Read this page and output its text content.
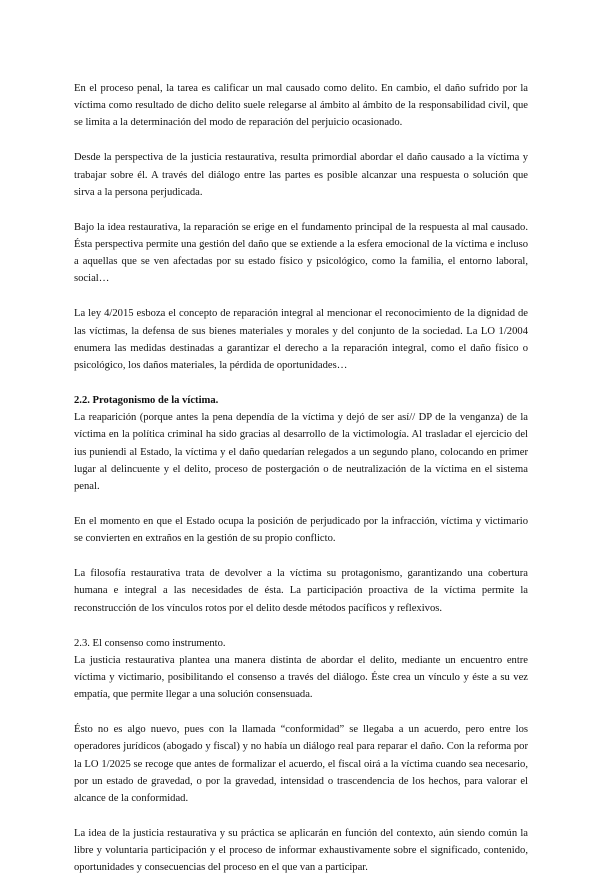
En el proceso penal, la tarea es calificar un mal causado como delito. En cambio, el daño sufrido por la víctima como resultado de dicho delito suele relegarse al ámbito al ámbito de la responsabilidad civil, que se limita a la determinación del modo de reparación del perjuicio ocasionado.

Desde la perspectiva de la justicia restaurativa, resulta primordial abordar el daño causado a la víctima y trabajar sobre él. A través del diálogo entre las partes es posible alcanzar una respuesta o solución que sirva a la persona perjudicada.

Bajo la idea restaurativa, la reparación se erige en el fundamento principal de la respuesta al mal causado. Ésta perspectiva permite una gestión del daño que se extiende a la esfera emocional de la víctima e incluso a aquellas que se ven afectadas por su estado físico y psicológico, como la familia, el entorno laboral, social…

La ley 4/2015 esboza el concepto de reparación integral al mencionar el reconocimiento de la dignidad de las víctimas, la defensa de sus bienes materiales y morales y del conjunto de la sociedad. La LO 1/2004 enumera las medidas destinadas a garantizar el derecho a la reparación integral, como el daño físico o psicológico, los daños materiales, la pérdida de oportunidades…

2.2. Protagonismo de la víctima.

La reaparición (porque antes la pena dependía de la víctima y dejó de ser así// DP de la venganza) de la víctima en la política criminal ha sido gracias al desarrollo de la victimología. Al trasladar el ejercicio del ius puniendi al Estado, la víctima y el daño quedarían relegados a un segundo plano, colocando en primer lugar al delincuente y el delito, proceso de postergación o de neutralización de la víctima en el sistema penal.

En el momento en que el Estado ocupa la posición de perjudicado por la infracción, víctima y victimario se convierten en extraños en la gestión de su propio conflicto.

La filosofía restaurativa trata de devolver a la víctima su protagonismo, garantizando una cobertura humana e integral a las necesidades de ésta. La participación proactiva de la víctima permite la reconstrucción de los vínculos rotos por el delito desde métodos pacíficos y reflexivos.

2.3. El consenso como instrumento.

La justicia restaurativa plantea una manera distinta de abordar el delito, mediante un encuentro entre víctima y victimario, posibilitando el consenso a través del diálogo. Éste crea un vínculo y éste a su vez empatía, que permite llegar a una solución consensuada.

Ésto no es algo nuevo, pues con la llamada “conformidad” se llegaba a un acuerdo, pero entre los operadores jurídicos (abogado y fiscal) y no había un diálogo real para reparar el daño. Con la reforma por la LO 1/2025 se recoge que antes de formalizar el acuerdo, el fiscal oirá a la víctima cuando sea necesario, por un estado de gravedad, o por la gravedad, intensidad o trascendencia de los hechos, para valorar el alcance de la conformidad.

La idea de la justicia restaurativa y su práctica se aplicarán en función del contexto, aún siendo común la libre y voluntaria participación y el proceso de informar exhaustivamente sobre el significado, contenido, oportunidades y consecuencias del proceso en el que van a participar.
